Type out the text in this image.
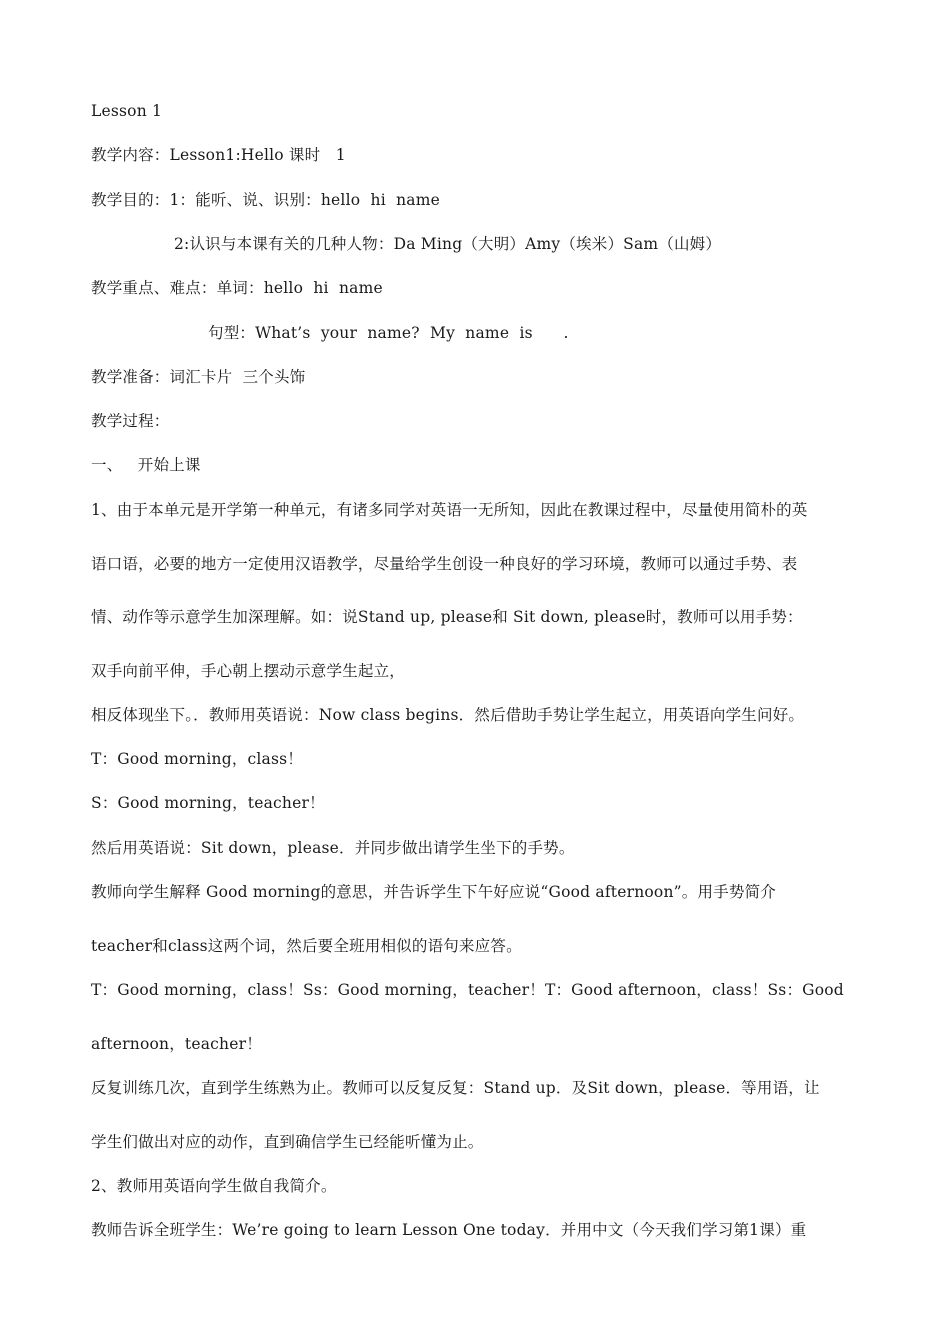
Lesson 1

教学内容：Lesson1:Hello 课时   1

教学目的：1：能听、说、识别：hello  hi  name

2:认识与本课有关的几种人物：Da Ming（大明）Amy（埃米）Sam（山姆）

教学重点、难点：单词：hello  hi  name

句型：What’s  your  name?  My  name  is      .

教学准备：词汇卡片  三个头饰

教学过程：

一、   开始上课

1、由于本单元是开学第一种单元，有诸多同学对英语一无所知，因此在教课过程中，尽量使用简朴的英

语口语，必要的地方一定使用汉语教学，尽量给学生创设一种良好的学习环境，教师可以通过手势、表

情、动作等示意学生加深理解。如：说Stand up, please和 Sit down, please时，教师可以用手势：

双手向前平伸，手心朝上摆动示意学生起立，

相反体现坐下。．教师用英语说：Now class begins．然后借助手势让学生起立，用英语向学生问好。

T：Good morning，class！

S：Good morning，teacher！

然后用英语说：Sit down，please．并同步做出请学生坐下的手势。

教师向学生解释 Good morning的意思，并告诉学生下午好应说“Good afternoon”。用手势简介

teacher和class这两个词，然后要全班用相似的语句来应答。

T：Good morning，class！Ss：Good morning，teacher！T：Good afternoon，class！Ss：Good

afternoon，teacher！

反复训练几次，直到学生练熟为止。教师可以反复反复：Stand up．及Sit down，please．等用语，让

学生们做出对应的动作，直到确信学生已经能听懂为止。

2、教师用英语向学生做自我简介。

教师告诉全班学生：We’re going to learn Lesson One today．并用中文（今天我们学习第1课）重
